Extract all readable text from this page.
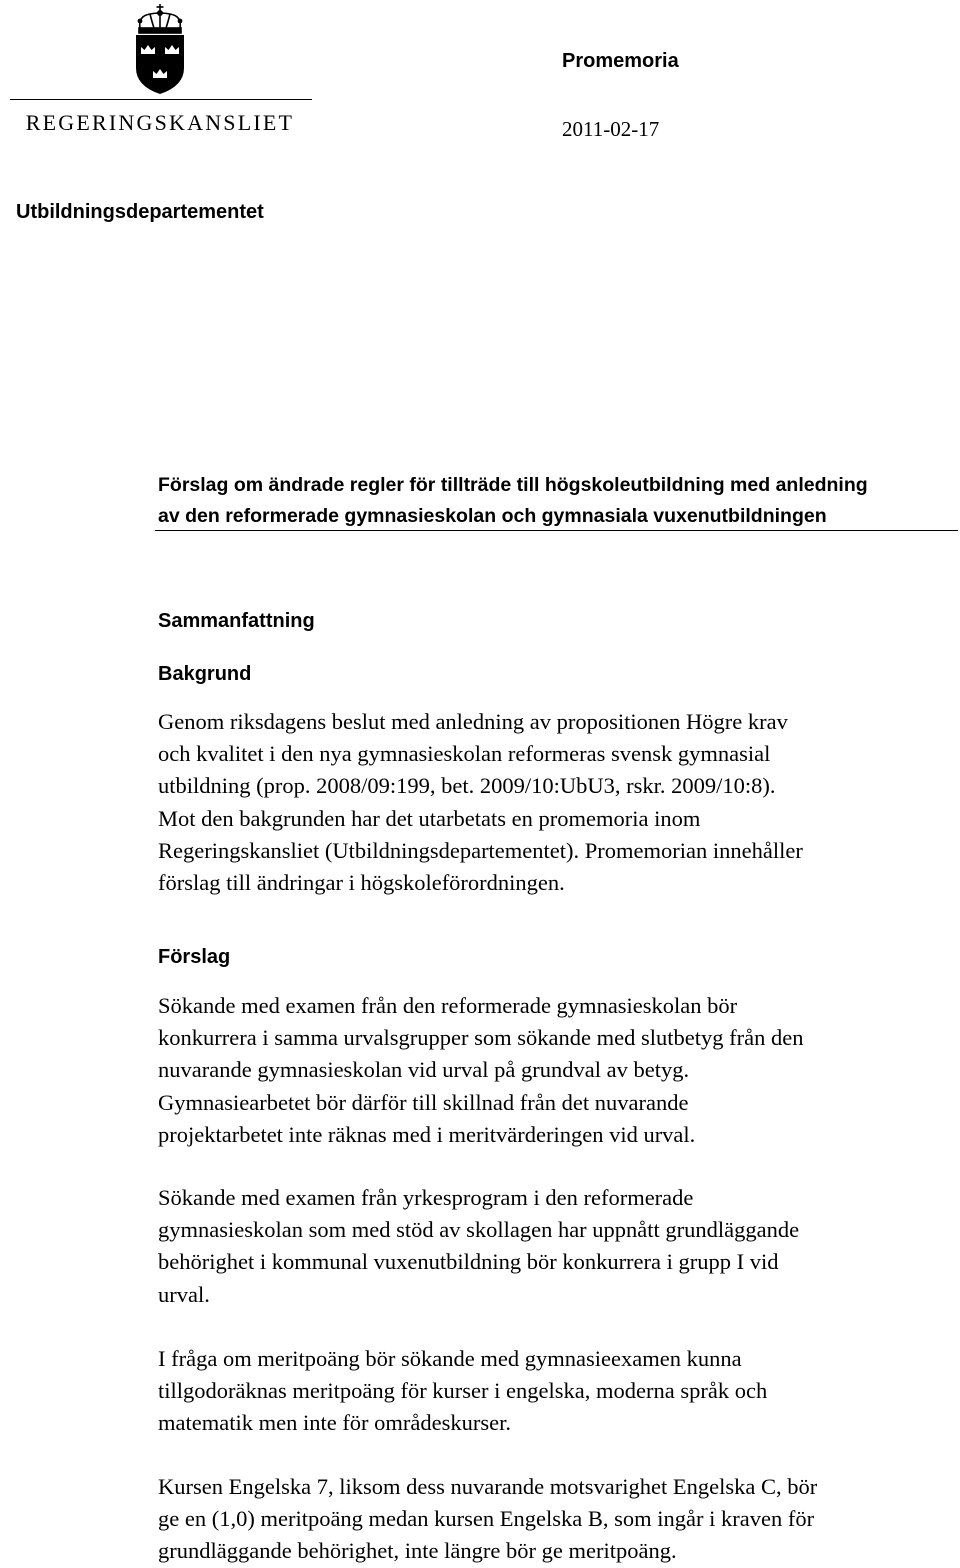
REGERINGSKANSLIET
Promemoria
2011-02-17
Utbildningsdepartementet
Förslag om ändrade regler för tillträde till högskoleutbildning med anledning
av den reformerade gymnasieskolan och gymnasiala vuxenutbildningen
Sammanfattning
Bakgrund
Genom riksdagens beslut med anledning av propositionen Högre krav
och kvalitet i den nya gymnasieskolan reformeras svensk gymnasial
utbildning (prop. 2008/09:199, bet. 2009/10:UbU3, rskr. 2009/10:8).
Mot den bakgrunden har det utarbetats en promemoria inom
Regeringskansliet (Utbildningsdepartementet). Promemorian innehåller
förslag till ändringar i högskoleförordningen.
Förslag
Sökande med examen från den reformerade gymnasieskolan bör
konkurrera i samma urvalsgrupper som sökande med slutbetyg från den
nuvarande gymnasieskolan vid urval på grundval av betyg.
Gymnasiearbetet bör därför till skillnad från det nuvarande
projektarbetet inte räknas med i meritvärderingen vid urval.
Sökande med examen från yrkesprogram i den reformerade
gymnasieskolan som med stöd av skollagen har uppnått grundläggande
behörighet i kommunal vuxenutbildning bör konkurrera i grupp I vid
urval.
I fråga om meritpoäng bör sökande med gymnasieexamen kunna
tillgodoräknas meritpoäng för kurser i engelska, moderna språk och
matematik men inte för områdeskurser.
Kursen Engelska 7, liksom dess nuvarande motsvarighet Engelska C, bör
ge en (1,0) meritpoäng medan kursen Engelska B, som ingår i kraven för
grundläggande behörighet, inte längre bör ge meritpoäng.
